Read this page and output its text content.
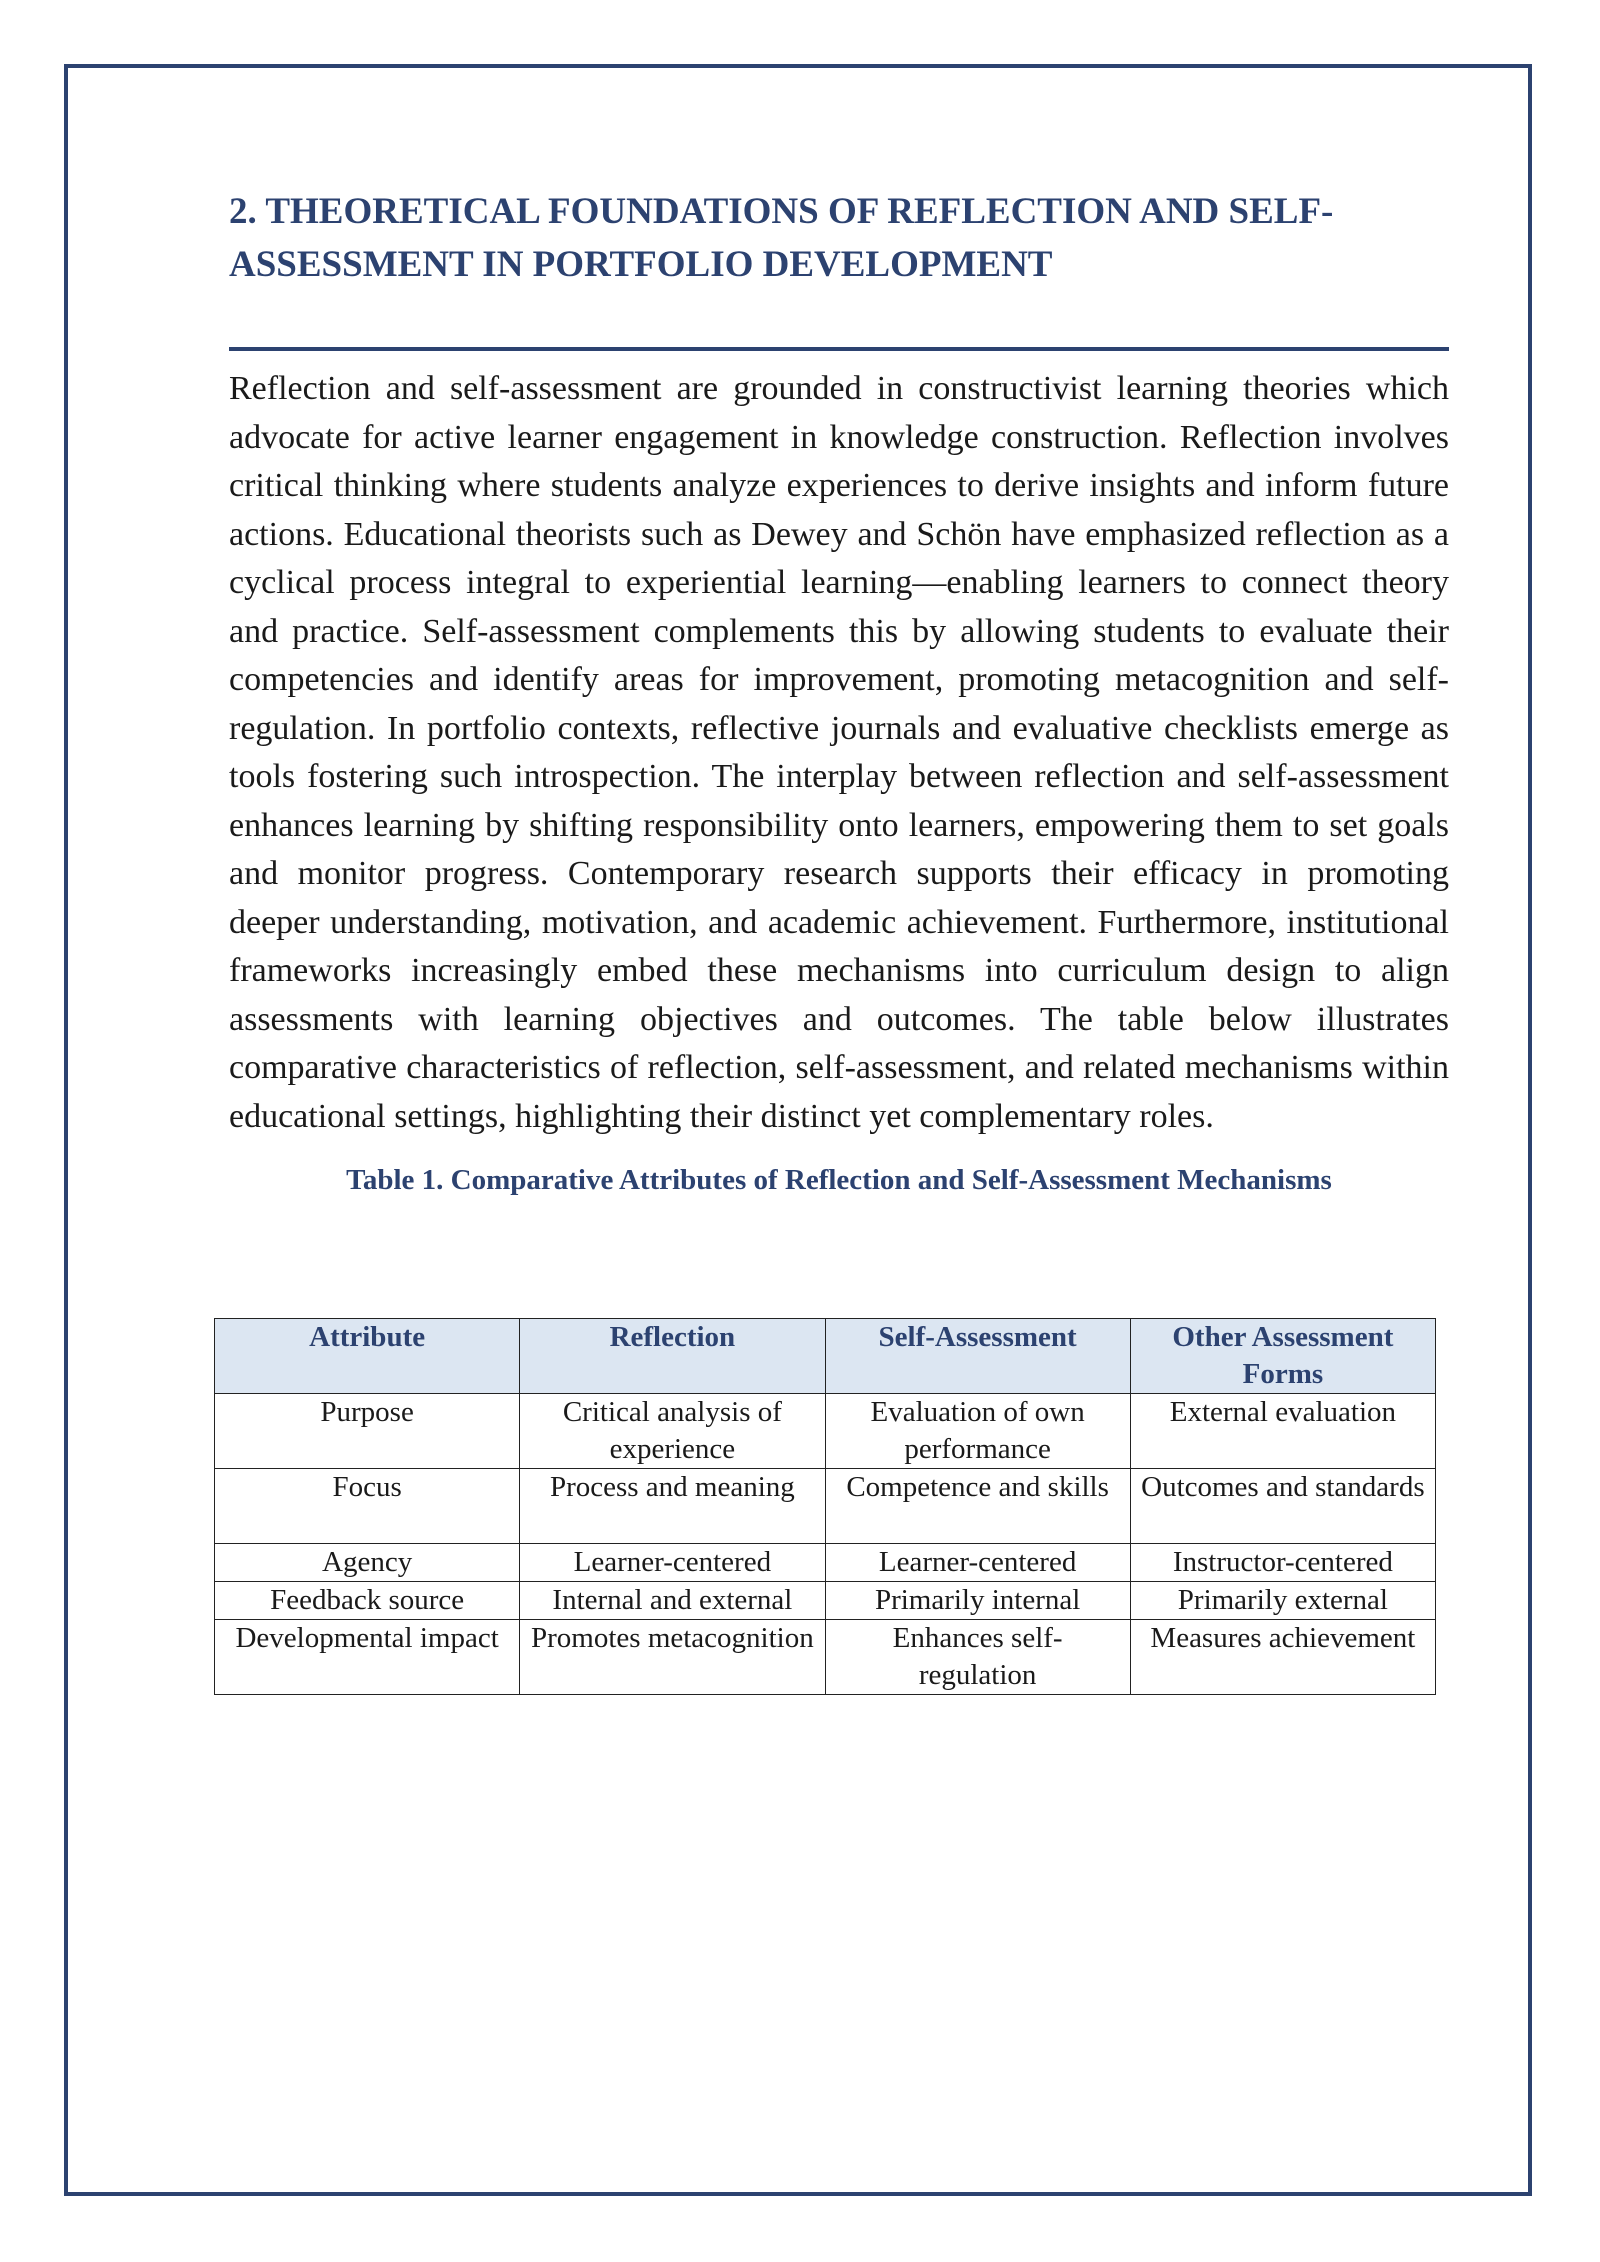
2. THEORETICAL FOUNDATIONS OF REFLECTION AND SELF-ASSESSMENT IN PORTFOLIO DEVELOPMENT

Reflection and self-assessment are grounded in constructivist learning theories which advocate for active learner engagement in knowledge construction. Reflection involves critical thinking where students analyze experiences to derive insights and inform future actions. Educational theorists such as Dewey and Schön have emphasized reflection as a cyclical process integral to experiential learning—enabling learners to connect theory and practice. Self-assessment complements this by allowing students to evaluate their competencies and identify areas for improvement, promoting metacognition and self-regulation. In portfolio contexts, reflective journals and evaluative checklists emerge as tools fostering such introspection. The interplay between reflection and self-assessment enhances learning by shifting responsibility onto learners, empowering them to set goals and monitor progress. Contemporary research supports their efficacy in promoting deeper understanding, motivation, and academic achievement. Furthermore, institutional frameworks increasingly embed these mechanisms into curriculum design to align assessments with learning objectives and outcomes. The table below illustrates comparative characteristics of reflection, self-assessment, and related mechanisms within educational settings, highlighting their distinct yet complementary roles.

Table 1. Comparative Attributes of Reflection and Self-Assessment Mechanisms
Attribute	Reflection	Self-Assessment	Other Assessment Forms
Purpose	Critical analysis of experience	Evaluation of own performance	External evaluation
Focus	Process and meaning	Competence and skills	Outcomes and standards
Agency	Learner-centered	Learner-centered	Instructor-centered
Feedback source	Internal and external	Primarily internal	Primarily external
Developmental impact	Promotes metacognition	Enhances self-regulation	Measures achievement
